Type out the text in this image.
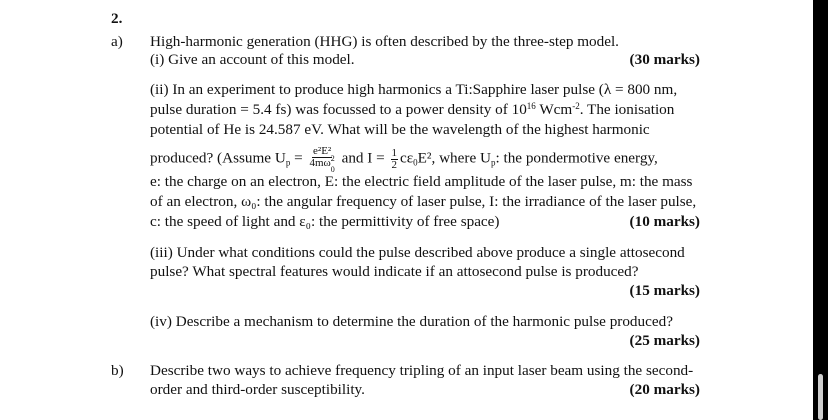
2.
a) High-harmonic generation (HHG) is often described by the three-step model.
(i) Give an account of this model.	(30 marks)
(ii) In an experiment to produce high harmonics a Ti:Sapphire laser pulse (λ = 800 nm,
pulse duration = 5.4 fs) was focussed to a power density of $10^{16}$ Wcm$^{-2}$. The ionisation
potential of He is 24.587 eV. What will be the wavelength of the highest harmonic
produced? (Assume $U_p = e^2E^2$
4mω 2
$_0$ and $I = \frac{1}{2} c\varepsilon_0E^2$, where $U_p$: the pondermotive energy,
e: the charge on an electron, E: the electric field amplitude of the laser pulse, m: the mass
of an electron, ω₀: the angular frequency of laser pulse, I: the irradiance of the laser pulse,
c: the speed of light and ε₀: the permittivity of free space)	(10 marks)
(iii) Under what conditions could the pulse described above produce a single attosecond
pulse? What spectral features would indicate if an attosecond pulse is produced?
(15 marks)
(iv) Describe a mechanism to determine the duration of the harmonic pulse produced?
(25 marks)
b) Describe two ways to achieve frequency tripling of an input laser beam using the second-
order and third-order susceptibility.	(20 marks)
